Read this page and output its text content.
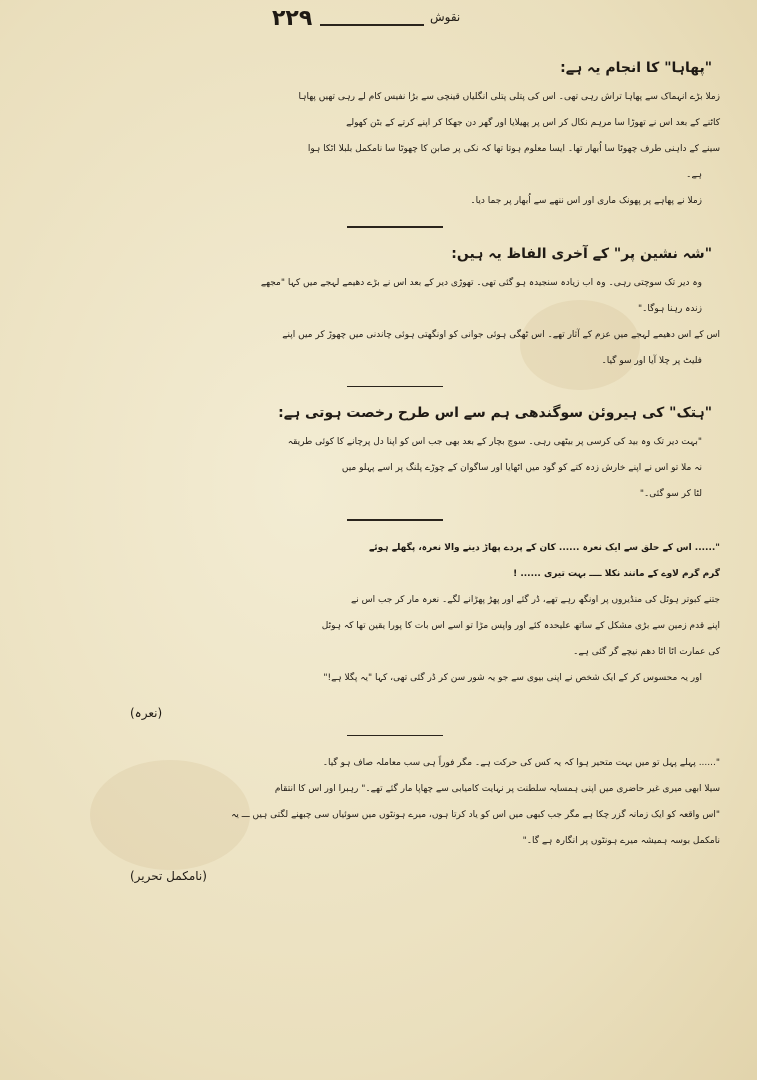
۲۲۹	نقوش

"پھاہا" کا انجام یہ ہے:

زملا بڑے انہماک سے پھاہا تراش رہی تھی۔ اس کی پتلی پتلی انگلیاں قینچی سے بڑا نفیس کام لے رہی تھیں پھاہا

کاٹنے کے بعد اس نے تھوڑا سا مرہم نکال کر اس پر پھیلایا اور گھر دن جھکا کر اپنے کرتے کے بٹن کھولے

سینے کے داہنی طرف چھوٹا سا اُبھار تھا۔ ایسا معلوم ہوتا تھا کہ نکی پر صابن کا چھوٹا سا نامکمل بلبلا اٹکا ہوا

ہے۔

زملا نے پھاہے پر پھونک ماری اور اس ننھے سے اُبھار پر جما دیا۔

"شہ نشین پر" کے آخری الفاظ یہ ہیں:

وہ دیر تک سوچتی رہی۔ وہ اب زیادہ سنجیدہ ہو گئی تھی۔ تھوڑی دیر کے بعد اس نے بڑے دھیمے لہجے میں کہا "مجھے

زندہ رہنا ہوگا۔"

اس کے اس دھیمے لہجے میں عزم کے آثار تھے۔ اس ٹھگی ہوئی جوانی کو اونگھتی ہوئی چاندنی میں چھوڑ کر میں اپنے

فلیٹ پر چلا آیا اور سو گیا۔

"ہتک" کی ہیروئن سوگندھی ہم سے اس طرح رخصت ہوتی ہے:

"بہت دیر تک وہ بید کی کرسی پر بیٹھی رہی۔ سوچ بچار کے بعد بھی جب اس کو اپنا دل پرچانے کا کوئی طریقہ

نہ ملا تو اس نے اپنے خارش زدہ کتے کو گود میں اٹھایا اور ساگوان کے چوڑے پلنگ پر اسے پہلو میں

لٹا کر سو گئی۔"

"...... اس کے حلق سے ایک نعرہ ...... کان کے پردے پھاڑ دینے والا نعرہ، پگھلے ہوئے

گرم گرم لاوے کے مانند نکلا ــــ بہت تیری ...... !

جتنے کبوتر ہوٹل کی منڈیروں پر اونگھ رہے تھے، ڈر گئے اور پھڑ پھڑانے لگے۔ نعرہ مار کر جب اس نے

اپنے قدم زمین سے بڑی مشکل کے ساتھ علیحدہ کئے اور واپس مڑا تو اسے اس بات کا پورا یقین تھا کہ ہوٹل

کی عمارت اٹا اٹا دھم نیچے گر گئی ہے۔

اور یہ محسوس کر کے ایک شخص نے اپنی بیوی سے جو یہ شور سن کر ڈر گئی تھی، کہا "یہ پگلا ہے!"

(نعرہ)

"...... پہلے پہل تو میں بہت متحیر ہوا کہ یہ کس کی حرکت ہے۔ مگر فوراً ہی سب معاملہ صاف ہو گیا۔

سیلا ابھی میری غیر حاضری میں اپنی ہمسایہ سلطنت پر نہایت کامیابی سے چھاپا مار گئے تھے۔" رہبرا اور اس کا انتقام

"اس واقعہ کو ایک زمانہ گزر چکا ہے مگر جب کبھی میں اس کو یاد کرتا ہوں، میرے ہونٹوں میں سوئیاں سی چبھنے لگتی ہیں ـــ یہ

نامکمل بوسہ ہمیشہ میرے ہونٹوں پر انگارہ ہے گا۔"

(نامکمل تحریر)
